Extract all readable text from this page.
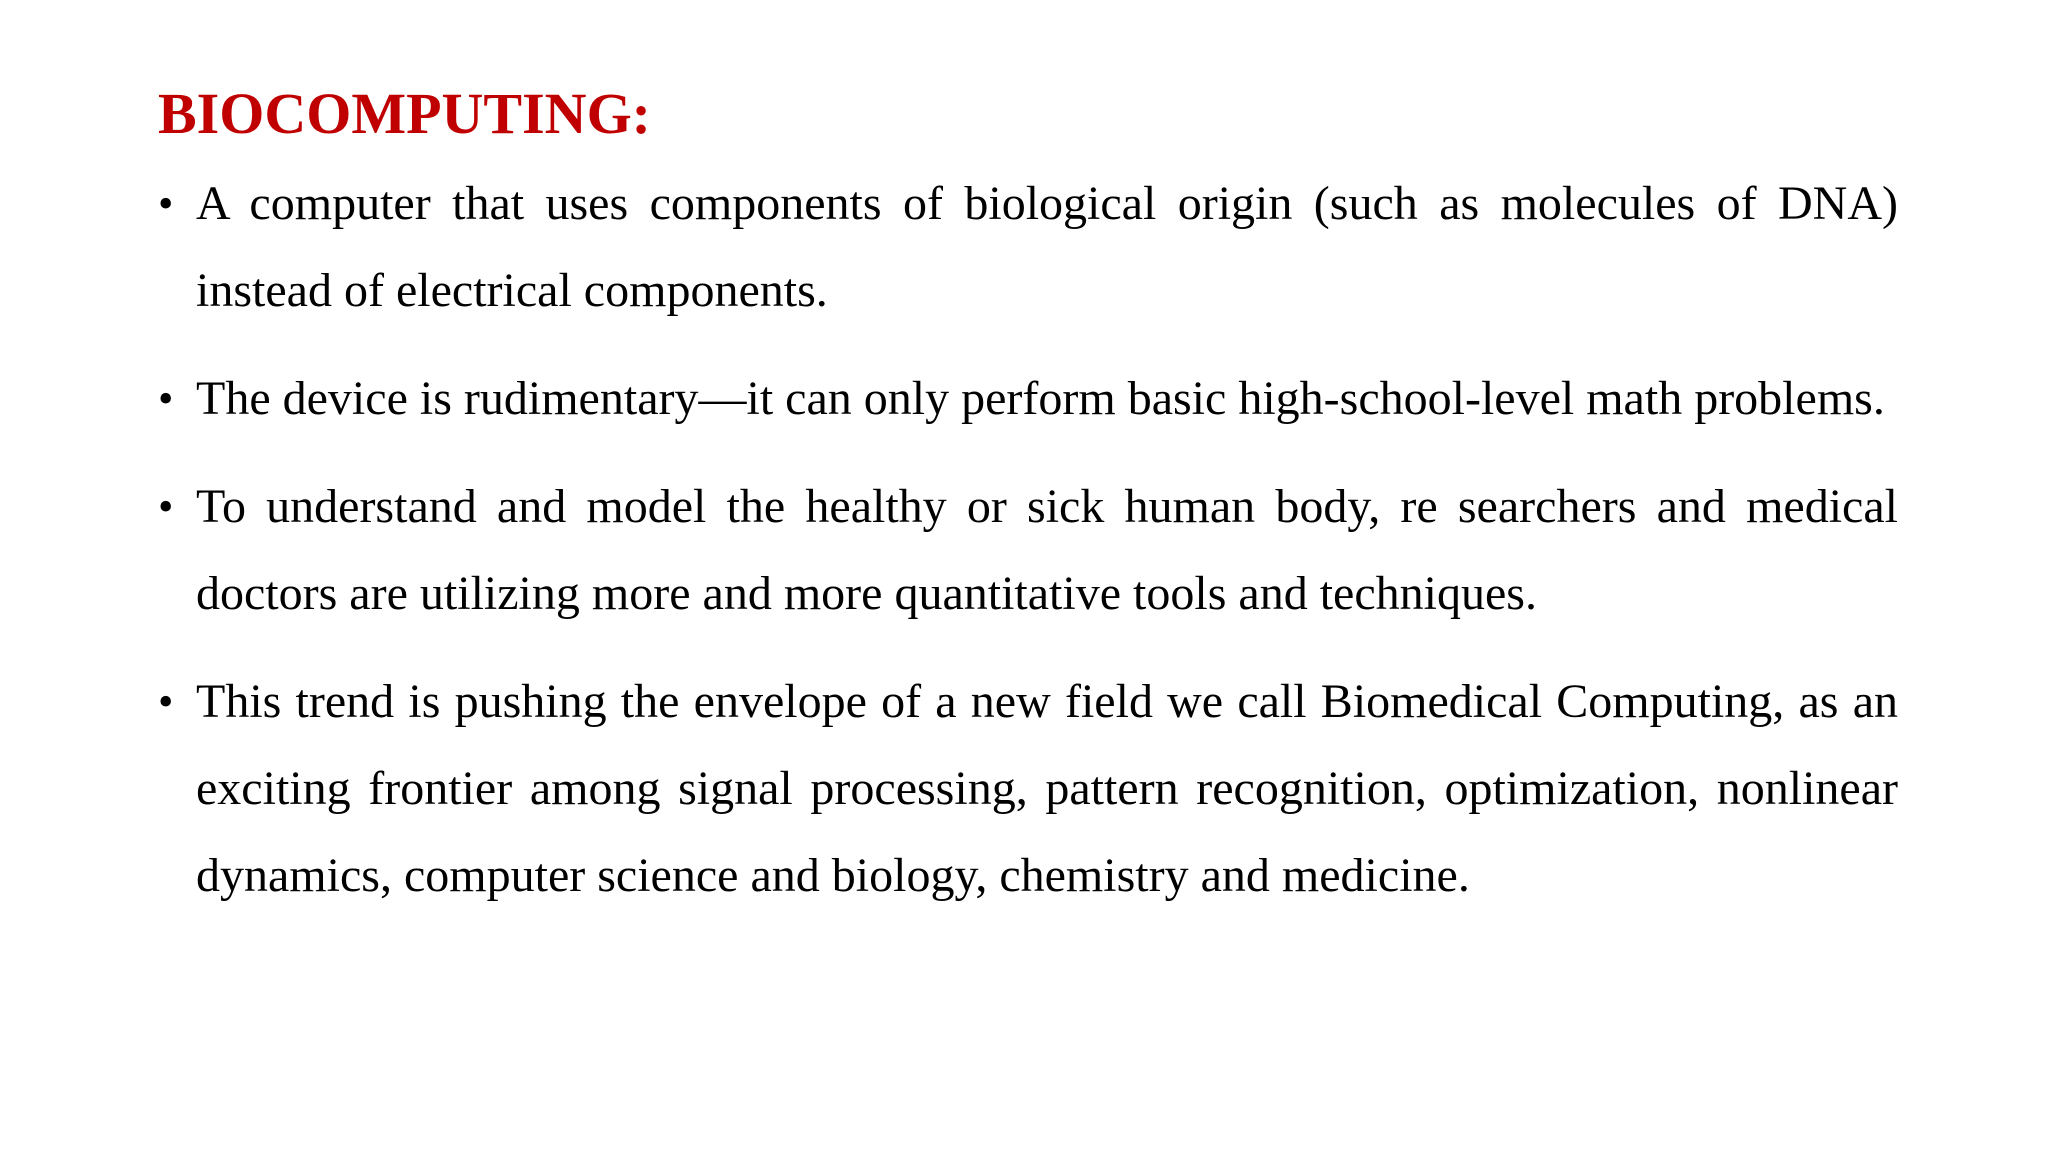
BIOCOMPUTING:
• A computer that uses components of biological origin (such as molecules of DNA) instead of electrical components.
• The device is rudimentary—it can only perform basic high-school-level math problems.
• To understand and model the healthy or sick human body, re searchers and medical doctors are utilizing more and more quantitative tools and techniques.
• This trend is pushing the envelope of a new field we call Biomedical Computing, as an exciting frontier among signal processing, pattern recognition, optimization, nonlinear dynamics, computer science and biology, chemistry and medicine.
